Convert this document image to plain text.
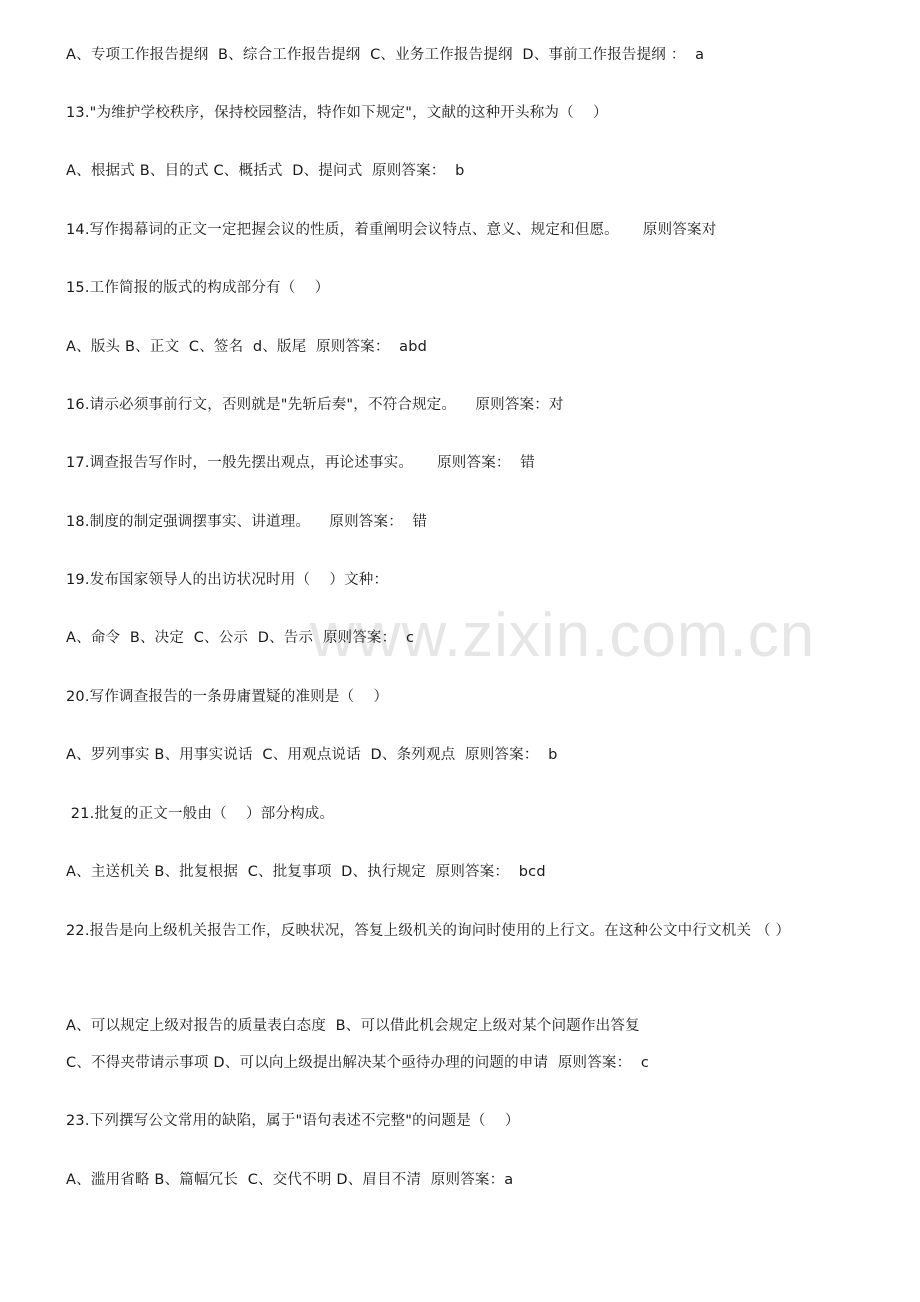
www.zixin.com.cn
A、专项工作报告提纲  B、综合工作报告提纲  C、业务工作报告提纲  D、事前工作报告提纲 ：  a
13."为维护学校秩序，保持校园整洁，特作如下规定"，文献的这种开头称为（    ）
A、根据式 B、目的式 C、概括式  D、提问式  原则答案：  b
14.写作揭幕词的正文一定把握会议的性质，着重阐明会议特点、意义、规定和但愿。     原则答案对
15.工作简报的版式的构成部分有（    ）
A、版头 B、正文  C、签名  d、版尾  原则答案：  abd
16.请示必须事前行文，否则就是"先斩后奏"，不符合规定。    原则答案：对
17.调查报告写作时，一般先摆出观点，再论述事实。     原则答案：  错
18.制度的制定强调摆事实、讲道理。    原则答案：  错
19.发布国家领导人的出访状况时用（    ）文种：
A、命令  B、决定  C、公示  D、告示  原则答案：  c
20.写作调查报告的一条毋庸置疑的准则是（    ）
A、罗列事实 B、用事实说话  C、用观点说话  D、条列观点  原则答案：  b
21.批复的正文一般由（    ）部分构成。
A、主送机关 B、批复根据  C、批复事项  D、执行规定  原则答案：  bcd
22.报告是向上级机关报告工作，反映状况，答复上级机关的询问时使用的上行文。在这种公文中行文机关 （ ）
A、可以规定上级对报告的质量表白态度  B、可以借此机会规定上级对某个问题作出答复
C、不得夹带请示事项 D、可以向上级提出解决某个亟待办理的问题的申请  原则答案：  c
23.下列撰写公文常用的缺陷，属于"语句表述不完整"的问题是（    ）
A、滥用省略 B、篇幅冗长  C、交代不明 D、眉目不清  原则答案：a
